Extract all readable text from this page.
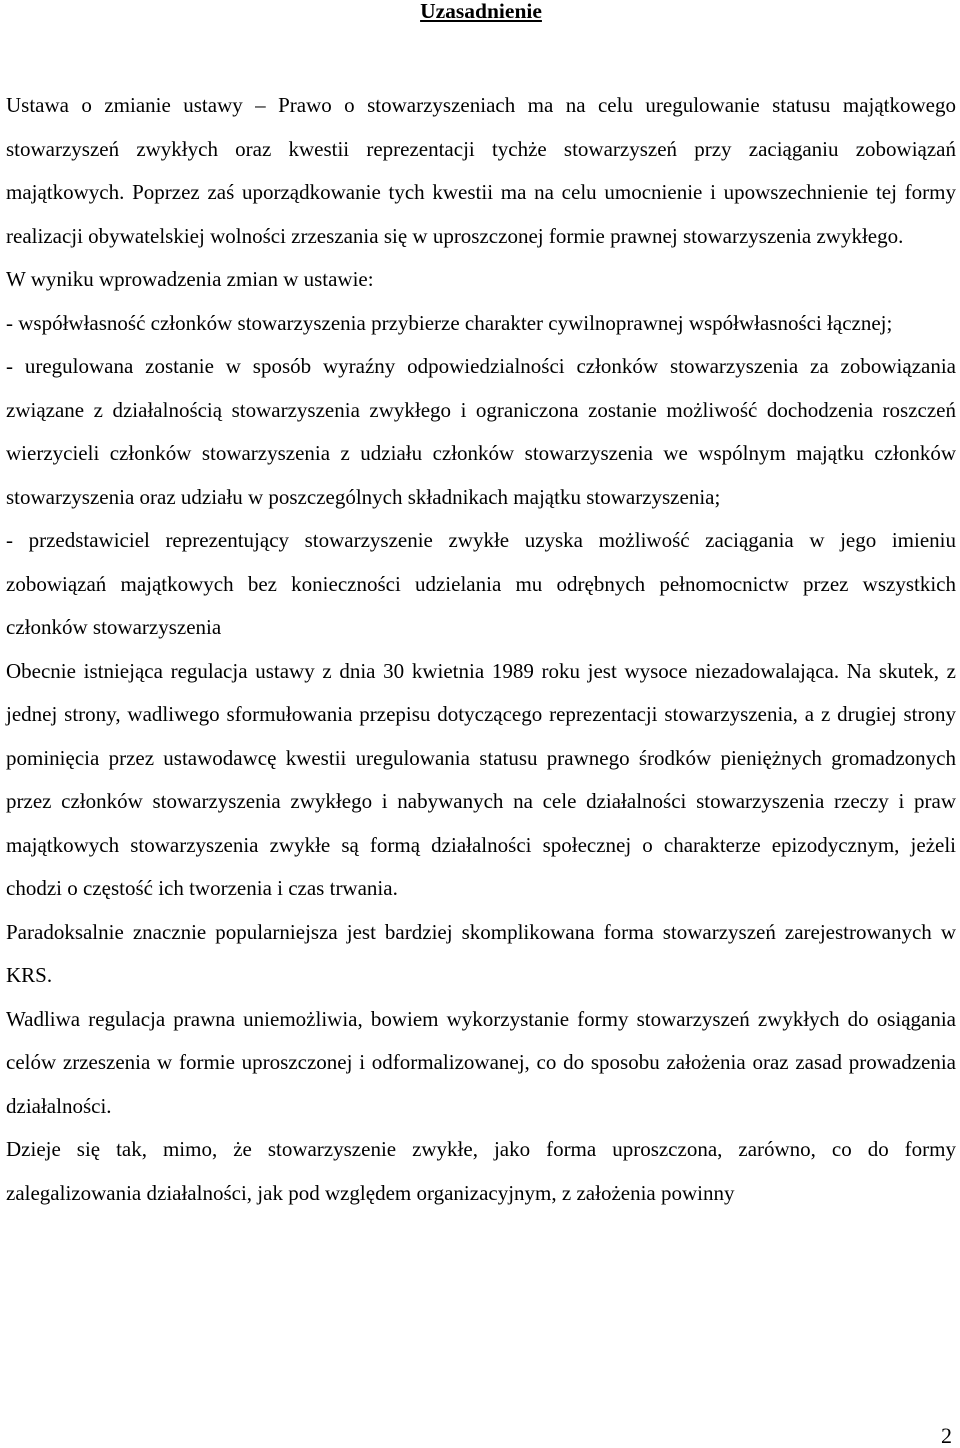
Uzasadnienie

Ustawa o zmianie ustawy – Prawo o stowarzyszeniach ma na celu uregulowanie statusu majątkowego stowarzyszeń zwykłych oraz kwestii reprezentacji tychże stowarzyszeń przy zaciąganiu zobowiązań majątkowych. Poprzez zaś uporządkowanie tych kwestii ma na celu umocnienie i upowszechnienie tej formy realizacji obywatelskiej wolności zrzeszania się w uproszczonej formie prawnej stowarzyszenia zwykłego.

W wyniku wprowadzenia zmian w ustawie:

- współwłasność członków stowarzyszenia przybierze charakter cywilnoprawnej współwłasności łącznej;

- uregulowana zostanie w sposób wyraźny odpowiedzialności członków stowarzyszenia za zobowiązania związane z działalnością stowarzyszenia zwykłego i ograniczona zostanie możliwość dochodzenia roszczeń wierzycieli członków stowarzyszenia z udziału członków stowarzyszenia we wspólnym majątku członków stowarzyszenia oraz udziału w poszczególnych składnikach majątku stowarzyszenia;

- przedstawiciel reprezentujący stowarzyszenie zwykłe uzyska możliwość zaciągania w jego imieniu zobowiązań majątkowych bez konieczności udzielania mu odrębnych pełnomocnictw przez wszystkich członków stowarzyszenia

Obecnie istniejąca regulacja ustawy z dnia 30 kwietnia 1989 roku jest wysoce niezadowalająca. Na skutek, z jednej strony, wadliwego sformułowania przepisu dotyczącego reprezentacji stowarzyszenia, a z drugiej strony pominięcia przez ustawodawcę kwestii uregulowania statusu prawnego środków pieniężnych gromadzonych przez członków stowarzyszenia zwykłego i nabywanych na cele działalności stowarzyszenia rzeczy i praw majątkowych stowarzyszenia zwykłe są formą działalności społecznej o charakterze epizodycznym, jeżeli chodzi o częstość ich tworzenia i czas trwania.

Paradoksalnie znacznie popularniejsza jest bardziej skomplikowana forma stowarzyszeń zarejestrowanych w KRS.

Wadliwa regulacja prawna uniemożliwia, bowiem wykorzystanie formy stowarzyszeń zwykłych do osiągania celów zrzeszenia w formie uproszczonej i odformalizowanej, co do sposobu założenia oraz zasad prowadzenia działalności.

Dzieje się tak, mimo, że stowarzyszenie zwykłe, jako forma uproszczona, zarówno, co do formy zalegalizowania działalności, jak pod względem organizacyjnym, z założenia powinny

2
